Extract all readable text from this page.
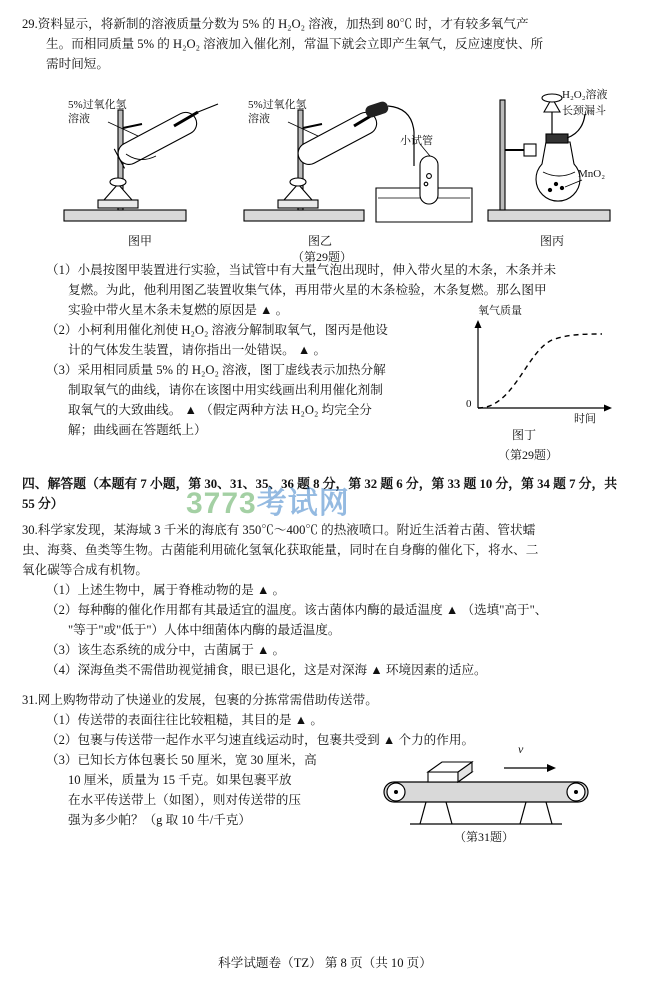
3773考试网
29.资料显示，将新制的溶液质量分数为 5% 的 H₂O₂ 溶液，加热到 80℃ 时，才有较多氧气产
生。而相同质量 5% 的 H₂O₂ 溶液加入催化剂，常温下就会立即产生氧气，反应速度快、所
需时间短。
5%过氧化氢
溶液
5%过氧化氢
溶液
小试管
H₂O₂溶液
长颈漏斗
MnO₂
图甲	图乙	图丙
（第29题）
（1）小晨按图甲装置进行实验，当试管中有大量气泡出现时，伸入带火星的木条，木条并未
复燃。为此，他利用图乙装置收集气体，再用带火星的木条检验，木条复燃。那么图甲
实验中带火星木条未复燃的原因是 ▲ 。
（2）小柯利用催化剂使 H₂O₂ 溶液分解制取氧气，图丙是他设
计的气体发生装置，请你指出一处错误。 ▲ 。
（3）采用相同质量 5% 的 H₂O₂ 溶液，图丁虚线表示加热分解
制取氧气的曲线，请你在该图中用实线画出利用催化剂制
取氧气的大致曲线。 ▲ （假定两种方法 H₂O₂ 均完全分
解；曲线画在答题纸上）
氧气质量
时间
0
图丁
（第29题）
四、解答题（本题有 7 小题，第 30、31、35、36 题 8 分，第 32 题 6 分，第 33 题 10 分，第 34 题 7 分，共 55 分）
30.科学家发现，某海域 3 千米的海底有 350℃～400℃ 的热液喷口。附近生活着古菌、管状蠕
虫、海葵、鱼类等生物。古菌能利用硫化氢氧化获取能量，同时在自身酶的催化下，将水、二
氧化碳等合成有机物。
（1）上述生物中，属于脊椎动物的是 ▲ 。
（2）每种酶的催化作用都有其最适宜的温度。该古菌体内酶的最适温度 ▲ （选填"高于"、
"等于"或"低于"）人体中细菌体内酶的最适温度。
（3）该生态系统的成分中，古菌属于 ▲ 。
（4）深海鱼类不需借助视觉捕食，眼已退化，这是对深海 ▲ 环境因素的适应。
31.网上购物带动了快递业的发展，包裹的分拣常需借助传送带。
（1）传送带的表面往往比较粗糙，其目的是 ▲ 。
（2）包裹与传送带一起作水平匀速直线运动时，包裹共受到 ▲ 个力的作用。
（3）已知长方体包裹长 50 厘米，宽 30 厘米，高
10 厘米，质量为 15 千克。如果包裹平放
在水平传送带上（如图），则对传送带的压
强为多少帕？（g 取 10 牛/千克）
v
（第31题）
科学试题卷（TZ） 第 8 页（共 10 页）
